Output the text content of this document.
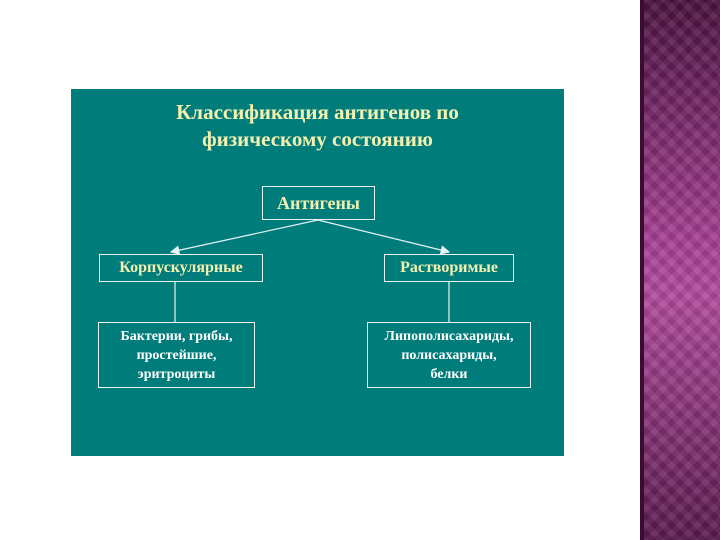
Классификация антигенов по
физическому состоянию
Антигены
Корпускулярные	Растворимые
Бактерии, грибы,
простейшие,
эритроциты
Липополисахариды,
полисахариды,
белки
